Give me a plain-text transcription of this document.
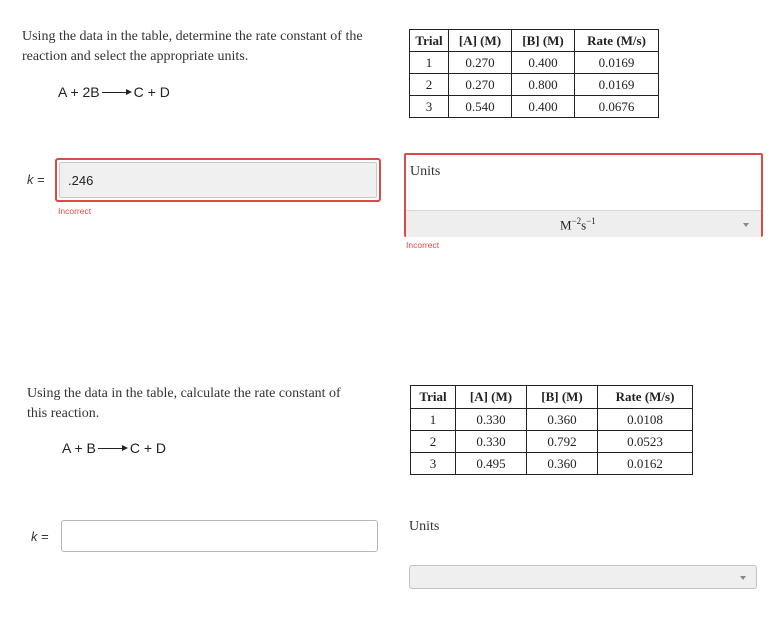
Using the data in the table, determine the rate constant of the
reaction and select the appropriate units.
A + 2B C + D
Trial	[A] (M)	[B] (M)	Rate (M/s)
1	0.270	0.400	0.0169
2	0.270	0.800	0.0169
3	0.540	0.400	0.0676
k = .246
Incorrect
Units
$M^{-2}s^{-1}$
Incorrect
Using the data in the table, calculate the rate constant of
this reaction.
A + B C + D
Trial	[A] (M)	[B] (M)	Rate (M/s)
1	0.330	0.360	0.0108
2	0.330	0.792	0.0523
3	0.495	0.360	0.0162
k =
Units
